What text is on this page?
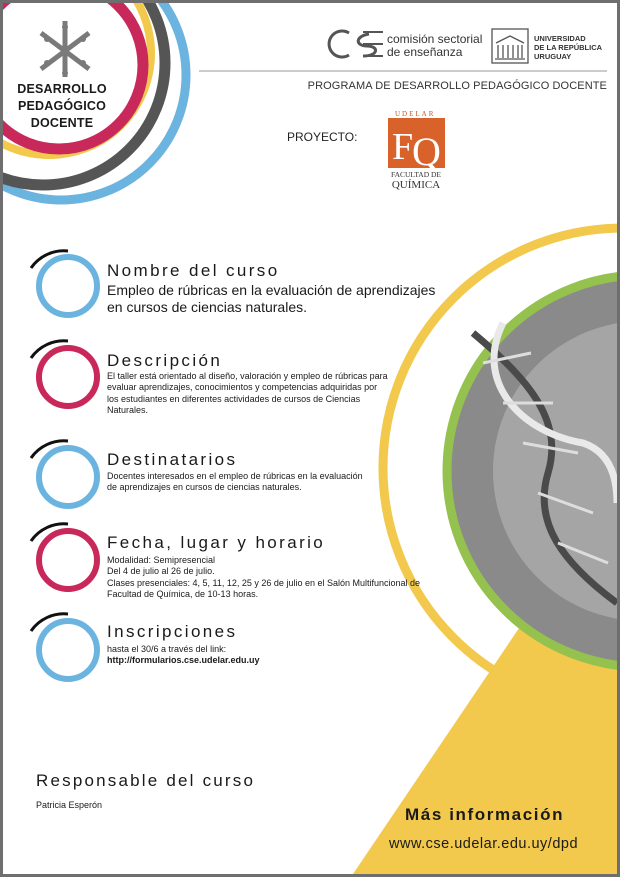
F
Q
DESARROLLO
PEDAGÓGICO
DOCENTE
comisión sectorial
de enseñanza
UNIVERSIDAD
DE LA REPÚBLICA
URUGUAY
PROGRAMA DE DESARROLLO PEDAGÓGICO DOCENTE
PROYECTO:
UDELAR
FACULTAD DE
QUÍMICA
Nombre del curso
Empleo de rúbricas en la evaluación de aprendizajes
en cursos de ciencias naturales.
Descripción
El taller está orientado al diseño, valoración y empleo de rúbricas para
evaluar aprendizajes, conocimientos y competencias adquiridas por
los estudiantes en diferentes actividades de cursos de Ciencias
Naturales.
Destinatarios
Docentes interesados en el empleo de rúbricas en la evaluación
de aprendizajes en cursos de ciencias naturales.
Fecha, lugar y horario
Modalidad: Semipresencial
Del 4 de julio al 26 de julio.
Clases presenciales: 4, 5, 11, 12, 25 y 26 de julio en el Salón Multifuncional de
Facultad de Química, de 10-13 horas.
Inscripciones
hasta el 30/6 a través del link:
http://formularios.cse.udelar.edu.uy
Responsable del curso
Patricia Esperón	Más información
www.cse.udelar.edu.uy/dpd
